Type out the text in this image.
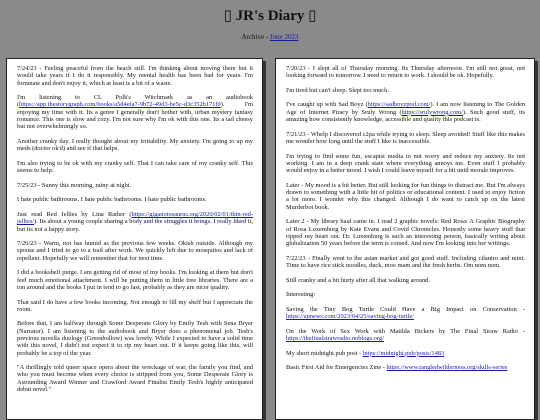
▯ JR's Diary ▯
Archive - June 2023

7/24/23 - Feeling peaceful from the beach still. I'm thinking about moving there but it would take years if I do it responsibly. My mental health has been bad for years. I'm fortunate and don't enjoy it, which at least is a bit of a waste.

I'm listening to CL Polk's Witchmark as an audiobook (https://app.thestorygraph.com/books/a5d4efa7-9b72-49d3-be5c-d3c352b171f0). I'm enjoying my time with it. Its a genre I generally don't bother with, urban mystery fantasy romance. This one is slow and cozy. I'm not sure why I'm ok with this one. Its a tad cheesy but not overwhelmingly so.

Another cranky day. I really thought about my irritability. My anxiety. I'm going to up my meds (doctor ok'd) and see if that helps.

I'm also trying to be ok with my cranky self. That I can take care of my cranky self. This seems to help.

7/25/23 - Sunny this morning, rainy at night.

I hate public bathrooms. I hate public bathrooms. I hate public bathrooms.

Just read Red Jellies by Lina Rather (https://giganotosaurus.org/2020/02/01/thin-red-jellies/). Its about a young couple sharing a body and the struggles it brings. I really liked it, but its not a happy story.

7/26/23 - Warm, not has humid as the previous few weeks. Okish outside. Although my spouse and I tried to go to a trail after work. We quickly left due to mosquitos and lack of repellent. Hopefully we will remember that for next time.

I did a bookshelf purge. I am getting rid of most of my books. I'm looking at them but don't feel much emotional attachment. I will be putting them in little free libraries. There are a ton around and the books I put in tend to go fast, probably as they are nicer quality.

That said I do have a few books incoming. Not enough to fill my shelf but I appreciate the room.

Before that, I am halfway through Some Desperate Glory by Emily Tesh with Sena Bryer (Narrator). I am listening to the audiobook and Bryer does a phenomenal job. Tesh's previous novella duology (Greenhollow) was lovely. While I expected to have a solid time with this novel, I didn't not expect it to rip my heart out. If it keeps going like this, will probably be a top of the year.

"A thrillingly told queer space opera about the wreckage of war, the family you find, and who you must become when every choice is stripped from you, Some Desperate Glory is Astounding Award Winner and Crawford Award Finalist Emily Tesh's highly anticipated debut novel."

7/20/23 - I slept all of Thursday morning. Its Thursday afternoon. I'm still not great, not looking forward to tomorrow. I need to return to work. I should be ok. Hopefully.

I'm tired but can't sleep. Slept too much.

I've caught up with Sad Boyz (https://sadboyzpod.com/). I am now listening to The Golden Age of Internet Piracy by Sruly Wrong (https://srulywrong.com/). Such good stuff, its amazing how consistently knowledge, accessible and quality this podcast is.

7/21/23 - Whelp I discovered c2pa while trying to sleep. Sleep avoided! Stuff like this makes me wonder how long until the stuff I like is inaccessible.

I'm trying to find some fun, escapist media to not worry and reduce my anxiety. Its not working. I am in a deep crank state where everything annoys me. Even stuff I probably would enjoy in a better mood. I wish I could leave myself for a bit until morale improves.

Later - My mood is a bit better. But still looking for fun things to distract me. But I'm always drawn to something with a little bit of politics or educational content. I used to enjoy fiction a lot more. I wonder why this changed. Although I do want to catch up on the latest Murderbot book.

Later 2 - My library haul came in. I read 2 graphic novels: Red Rosa: A Graphic Biography of Rosa Luxemburg by Kate Evans and Covid Chronicles. Honestly some heavy stuff that ripped my heart out. Dr. Luxemburg is such an interesting person, basically writing about globalization 50 years before the term is coined. And now I'm looking into her writings.

7/22/23 - Finally went to the asian market and got good stuff. Including cilantro and mint. Time to have rice stick noodles, duck, moo mam and the fresh herbs. Om nom nom.

Still cranky and a bit hurty after all that walking around.

Interesting:

Saving the Tiny Bog Turtle Could Have a Big Impact on Conservation - https://apnews.com/2023/04/25/saving-bog-turtle/

On the Work of Sex Work with Matilda Bickers by The Final Straw Radio - https://thefinalstrawradio.noblogs.org/

My short midnight.pub post - https://midnight.pub/posts/1483

Basic First Aid for Emergencies Zine - https://www.tangledwilderness.org/skills-series
